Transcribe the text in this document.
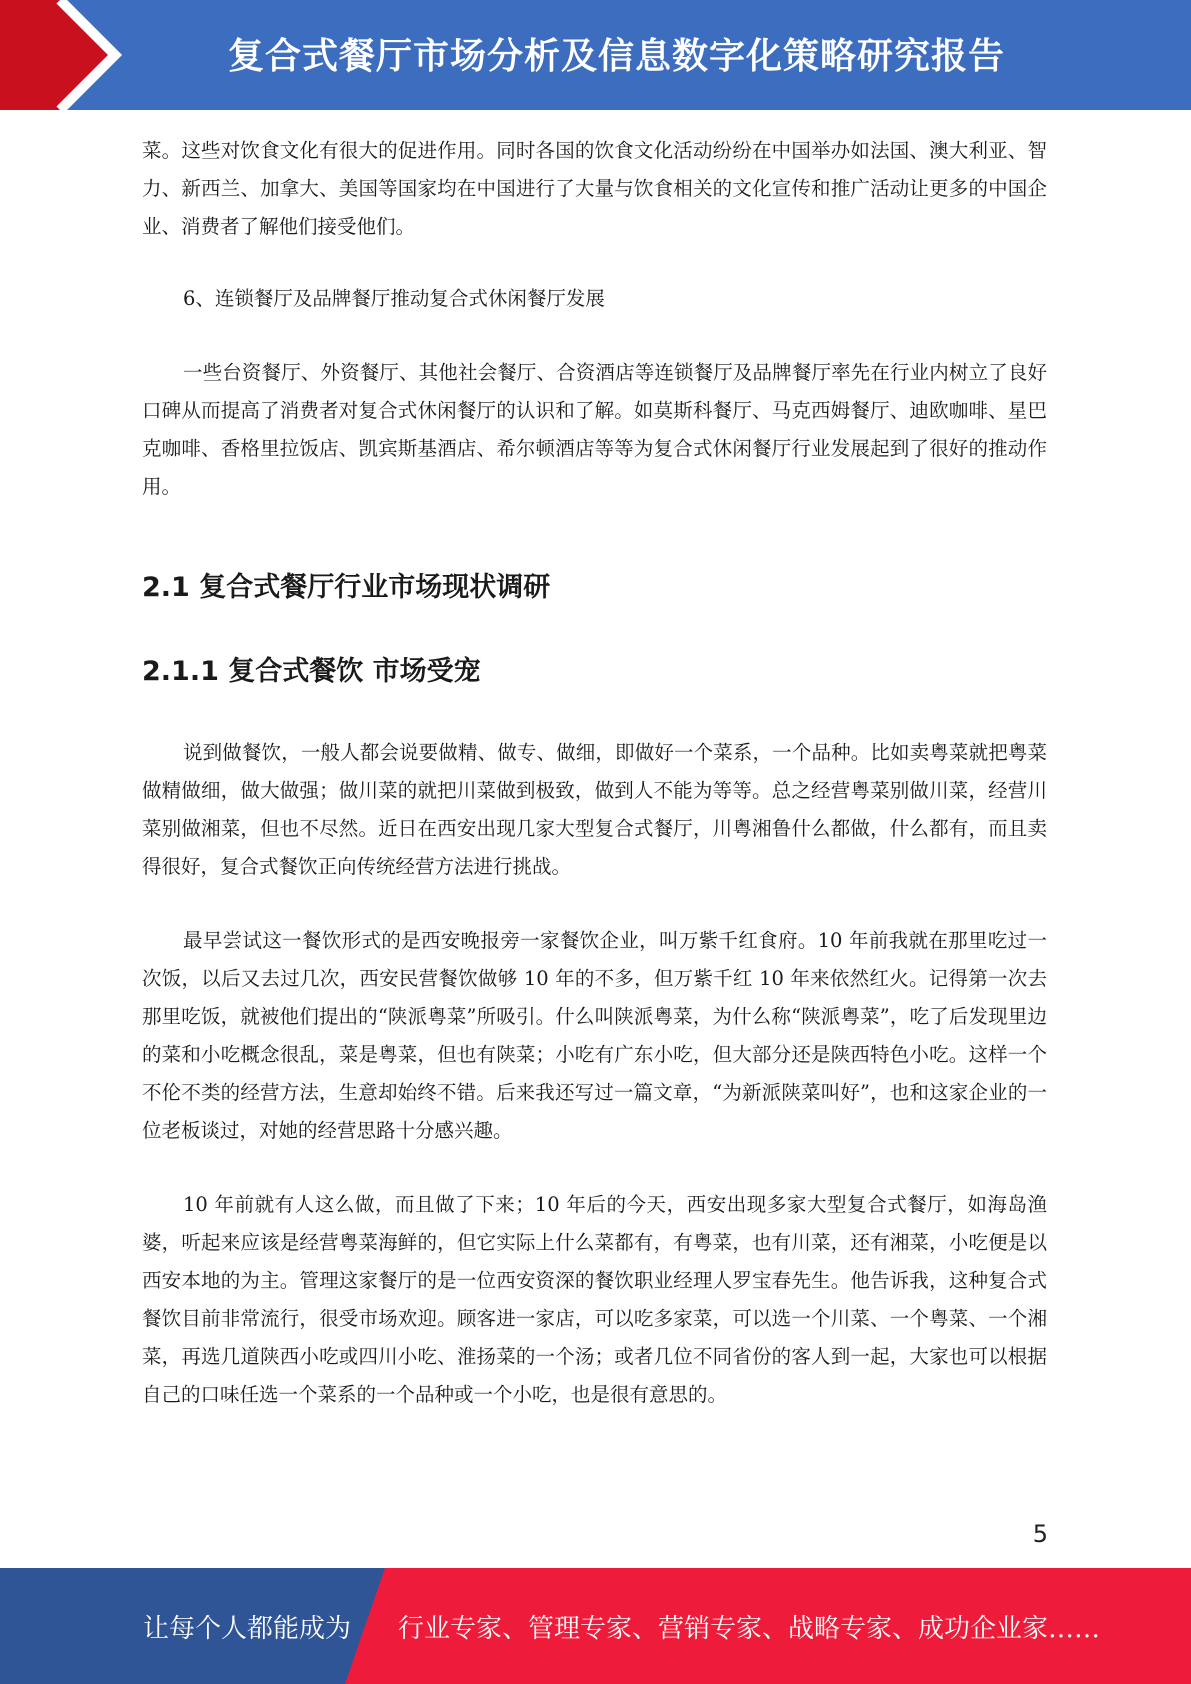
复合式餐厅市场分析及信息数字化策略研究报告

菜。这些对饮食文化有很大的促进作用。同时各国的饮食文化活动纷纷在中国举办如法国、澳大利亚、智力、新西兰、加拿大、美国等国家均在中国进行了大量与饮食相关的文化宣传和推广活动让更多的中国企业、消费者了解他们接受他们。

6、连锁餐厅及品牌餐厅推动复合式休闲餐厅发展

一些台资餐厅、外资餐厅、其他社会餐厅、合资酒店等连锁餐厅及品牌餐厅率先在行业内树立了良好口碑从而提高了消费者对复合式休闲餐厅的认识和了解。如莫斯科餐厅、马克西姆餐厅、迪欧咖啡、星巴克咖啡、香格里拉饭店、凯宾斯基酒店、希尔顿酒店等等为复合式休闲餐厅行业发展起到了很好的推动作用。

2.1 复合式餐厅行业市场现状调研
2.1.1 复合式餐饮 市场受宠

说到做餐饮，一般人都会说要做精、做专、做细，即做好一个菜系，一个品种。比如卖粤菜就把粤菜做精做细，做大做强；做川菜的就把川菜做到极致，做到人不能为等等。总之经营粤菜别做川菜，经营川菜别做湘菜，但也不尽然。近日在西安出现几家大型复合式餐厅，川粤湘鲁什么都做，什么都有，而且卖得很好，复合式餐饮正向传统经营方法进行挑战。

最早尝试这一餐饮形式的是西安晚报旁一家餐饮企业，叫万紫千红食府。10 年前我就在那里吃过一次饭，以后又去过几次，西安民营餐饮做够 10 年的不多，但万紫千红 10 年来依然红火。记得第一次去那里吃饭，就被他们提出的“陕派粤菜”所吸引。什么叫陕派粤菜，为什么称“陕派粤菜”，吃了后发现里边的菜和小吃概念很乱，菜是粤菜，但也有陕菜；小吃有广东小吃，但大部分还是陕西特色小吃。这样一个不伦不类的经营方法，生意却始终不错。后来我还写过一篇文章，“为新派陕菜叫好”，也和这家企业的一位老板谈过，对她的经营思路十分感兴趣。

10 年前就有人这么做，而且做了下来；10 年后的今天，西安出现多家大型复合式餐厅，如海岛渔婆，听起来应该是经营粤菜海鲜的，但它实际上什么菜都有，有粤菜，也有川菜，还有湘菜，小吃便是以西安本地的为主。管理这家餐厅的是一位西安资深的餐饮职业经理人罗宝春先生。他告诉我，这种复合式餐饮目前非常流行，很受市场欢迎。顾客进一家店，可以吃多家菜，可以选一个川菜、一个粤菜、一个湘菜，再选几道陕西小吃或四川小吃、淮扬菜的一个汤；或者几位不同省份的客人到一起，大家也可以根据自己的口味任选一个菜系的一个品种或一个小吃，也是很有意思的。

5
让每个人都能成为 行业专家、管理专家、营销专家、战略专家、成功企业家……
